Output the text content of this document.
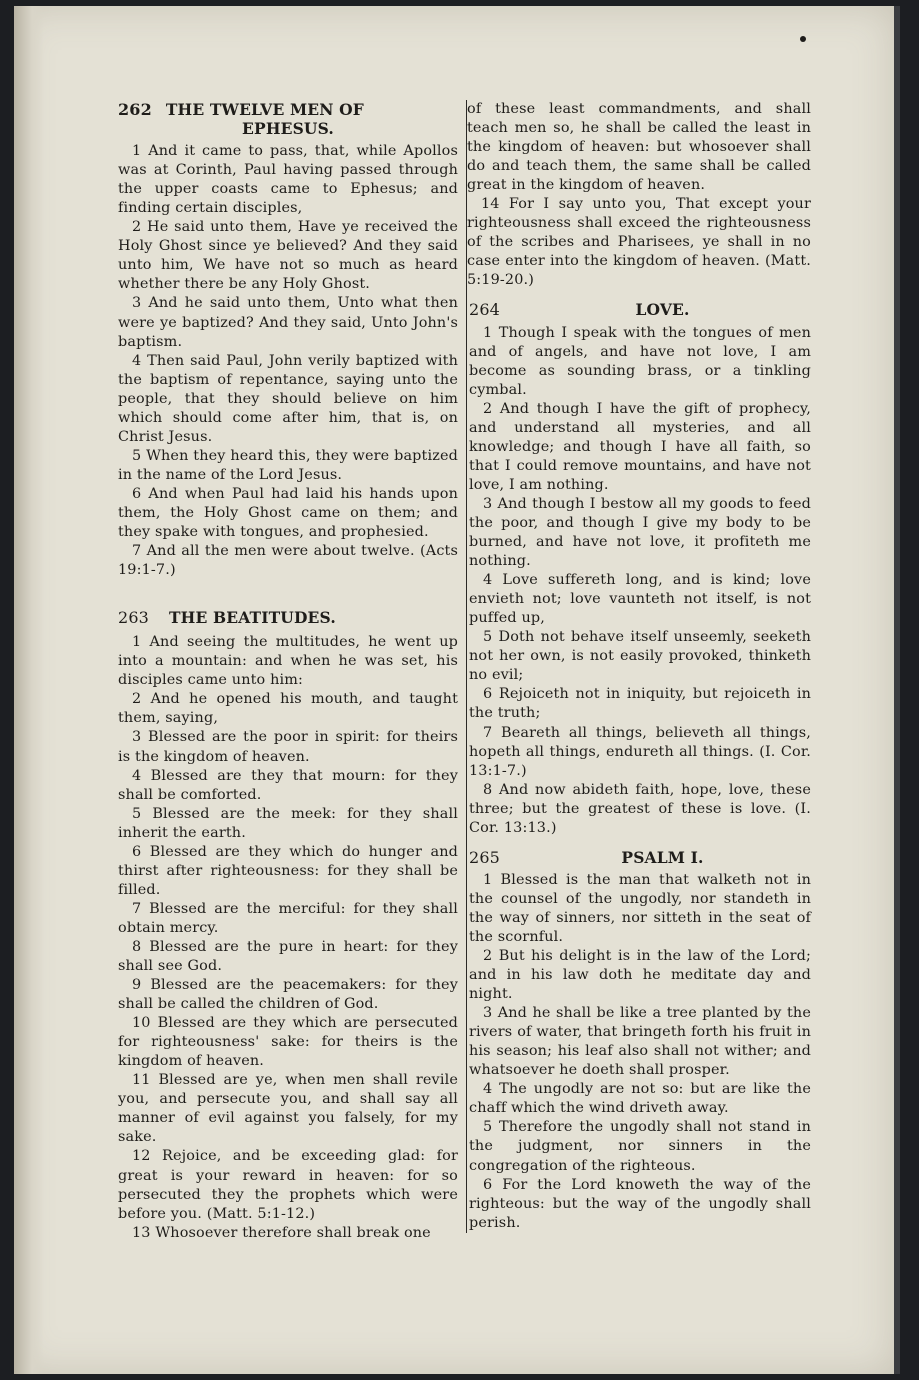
262 THE TWELVE MEN OF

EPHESUS.

1 And it came to pass, that, while Apollos was at Corinth, Paul having passed through the upper coasts came to Ephesus; and finding certain disciples,

2 He said unto them, Have ye received the Holy Ghost since ye believed? And they said unto him, We have not so much as heard whether there be any Holy Ghost.

3 And he said unto them, Unto what then were ye baptized? And they said, Unto John's baptism.

4 Then said Paul, John verily baptized with the baptism of repentance, saying unto the people, that they should believe on him which should come after him, that is, on Christ Jesus.

5 When they heard this, they were baptized in the name of the Lord Jesus.

6 And when Paul had laid his hands upon them, the Holy Ghost came on them; and they spake with tongues, and prophesied.

7 And all the men were about twelve. (Acts 19:1-7.)

263 THE BEATITUDES.

1 And seeing the multitudes, he went up into a mountain: and when he was set, his disciples came unto him:

2 And he opened his mouth, and taught them, saying,

3 Blessed are the poor in spirit: for theirs is the kingdom of heaven.

4 Blessed are they that mourn: for they shall be comforted.

5 Blessed are the meek: for they shall inherit the earth.

6 Blessed are they which do hunger and thirst after righteousness: for they shall be filled.

7 Blessed are the merciful: for they shall obtain mercy.

8 Blessed are the pure in heart: for they shall see God.

9 Blessed are the peacemakers: for they shall be called the children of God.

10 Blessed are they which are persecuted for righteousness' sake: for theirs is the kingdom of heaven.

11 Blessed are ye, when men shall revile you, and persecute you, and shall say all manner of evil against you falsely, for my sake.

12 Rejoice, and be exceeding glad: for great is your reward in heaven: for so persecuted they the prophets which were before you. (Matt. 5:1-12.)

13 Whosoever therefore shall break one

of these least commandments, and shall teach men so, he shall be called the least in the kingdom of heaven: but whosoever shall do and teach them, the same shall be called great in the kingdom of heaven.

14 For I say unto you, That except your righteousness shall exceed the righteousness of the scribes and Pharisees, ye shall in no case enter into the kingdom of heaven. (Matt. 5:19-20.)

264	LOVE.

1 Though I speak with the tongues of men and of angels, and have not love, I am become as sounding brass, or a tinkling cymbal.

2 And though I have the gift of prophecy, and understand all mysteries, and all knowledge; and though I have all faith, so that I could remove mountains, and have not love, I am nothing.

3 And though I bestow all my goods to feed the poor, and though I give my body to be burned, and have not love, it profiteth me nothing.

4 Love suffereth long, and is kind; love envieth not; love vaunteth not itself, is not puffed up,

5 Doth not behave itself unseemly, seeketh not her own, is not easily provoked, thinketh no evil;

6 Rejoiceth not in iniquity, but rejoiceth in the truth;

7 Beareth all things, believeth all things, hopeth all things, endureth all things. (I. Cor. 13:1-7.)

8 And now abideth faith, hope, love, these three; but the greatest of these is love. (I. Cor. 13:13.)

265	PSALM I.

1 Blessed is the man that walketh not in the counsel of the ungodly, nor standeth in the way of sinners, nor sitteth in the seat of the scornful.

2 But his delight is in the law of the Lord; and in his law doth he meditate day and night.

3 And he shall be like a tree planted by the rivers of water, that bringeth forth his fruit in his season; his leaf also shall not wither; and whatsoever he doeth shall prosper.

4 The ungodly are not so: but are like the chaff which the wind driveth away.

5 Therefore the ungodly shall not stand in the judgment, nor sinners in the congregation of the righteous.

6 For the Lord knoweth the way of the righteous: but the way of the ungodly shall perish.
